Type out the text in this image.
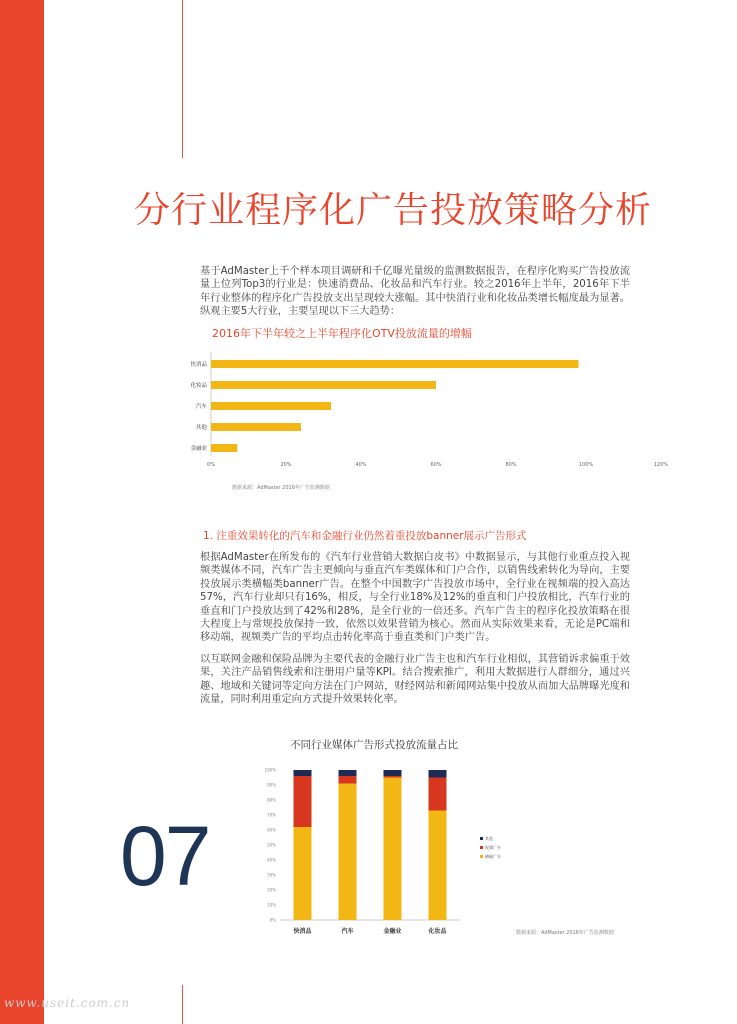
分行业程序化广告投放策略分析
基于AdMaster上千个样本项目调研和千亿曝光量级的监测数据报告，在程序化购买广告投放流量上位列Top3的行业是：快速消费品、化妆品和汽车行业。较之2016年上半年，2016年下半年行业整体的程序化广告投放支出呈现较大涨幅。其中快消行业和化妆品类增长幅度最为显著。纵观主要5大行业，主要呈现以下三大趋势：
2016年下半年较之上半年程序化OTV投放流量的增幅
0%	20%	40%	60%	80%	100%	120%
快消品
化妆品
汽车
其他
金融业
数据来源：AdMaster 2016年广告监测数据
1. 注重效果转化的汽车和金融行业仍然着重投放banner展示广告形式
根据AdMaster在所发布的《汽车行业营销大数据白皮书》中数据显示，与其他行业重点投入视频类媒体不同，汽车广告主更倾向与垂直汽车类媒体和门户合作，以销售线索转化为导向，主要投放展示类横幅类banner广告。在整个中国数字广告投放市场中，全行业在视频端的投入高达57%，汽车行业却只有16%，相反，与全行业18%及12%的垂直和门户投放相比，汽车行业的垂直和门户投放达到了42%和28%，是全行业的一倍还多。汽车广告主的程序化投放策略在很大程度上与常规投放保持一致，依然以效果营销为核心。然而从实际效果来看，无论是PC端和移动端，视频类广告的平均点击转化率高于垂直类和门户类广告。
以互联网金融和保险品牌为主要代表的金融行业广告主也和汽车行业相似，其营销诉求偏重于效果，关注产品销售线索和注册用户量等KPI。结合搜索推广，利用大数据进行人群细分，通过兴趣、地域和关键词等定向方法在门户网站，财经网站和新闻网站集中投放从而加大品牌曝光度和流量，同时利用重定向方式提升效果转化率。
不同行业媒体广告形式投放流量占比
0%
10%
20%
30%
40%
50%
60%
70%
80%
90%
100%
快消品	汽车	金融业	化妆品
其他
视频广告
横幅广告
数据来源：AdMaster 2016年广告监测数据
07
www.useit.com.cn
